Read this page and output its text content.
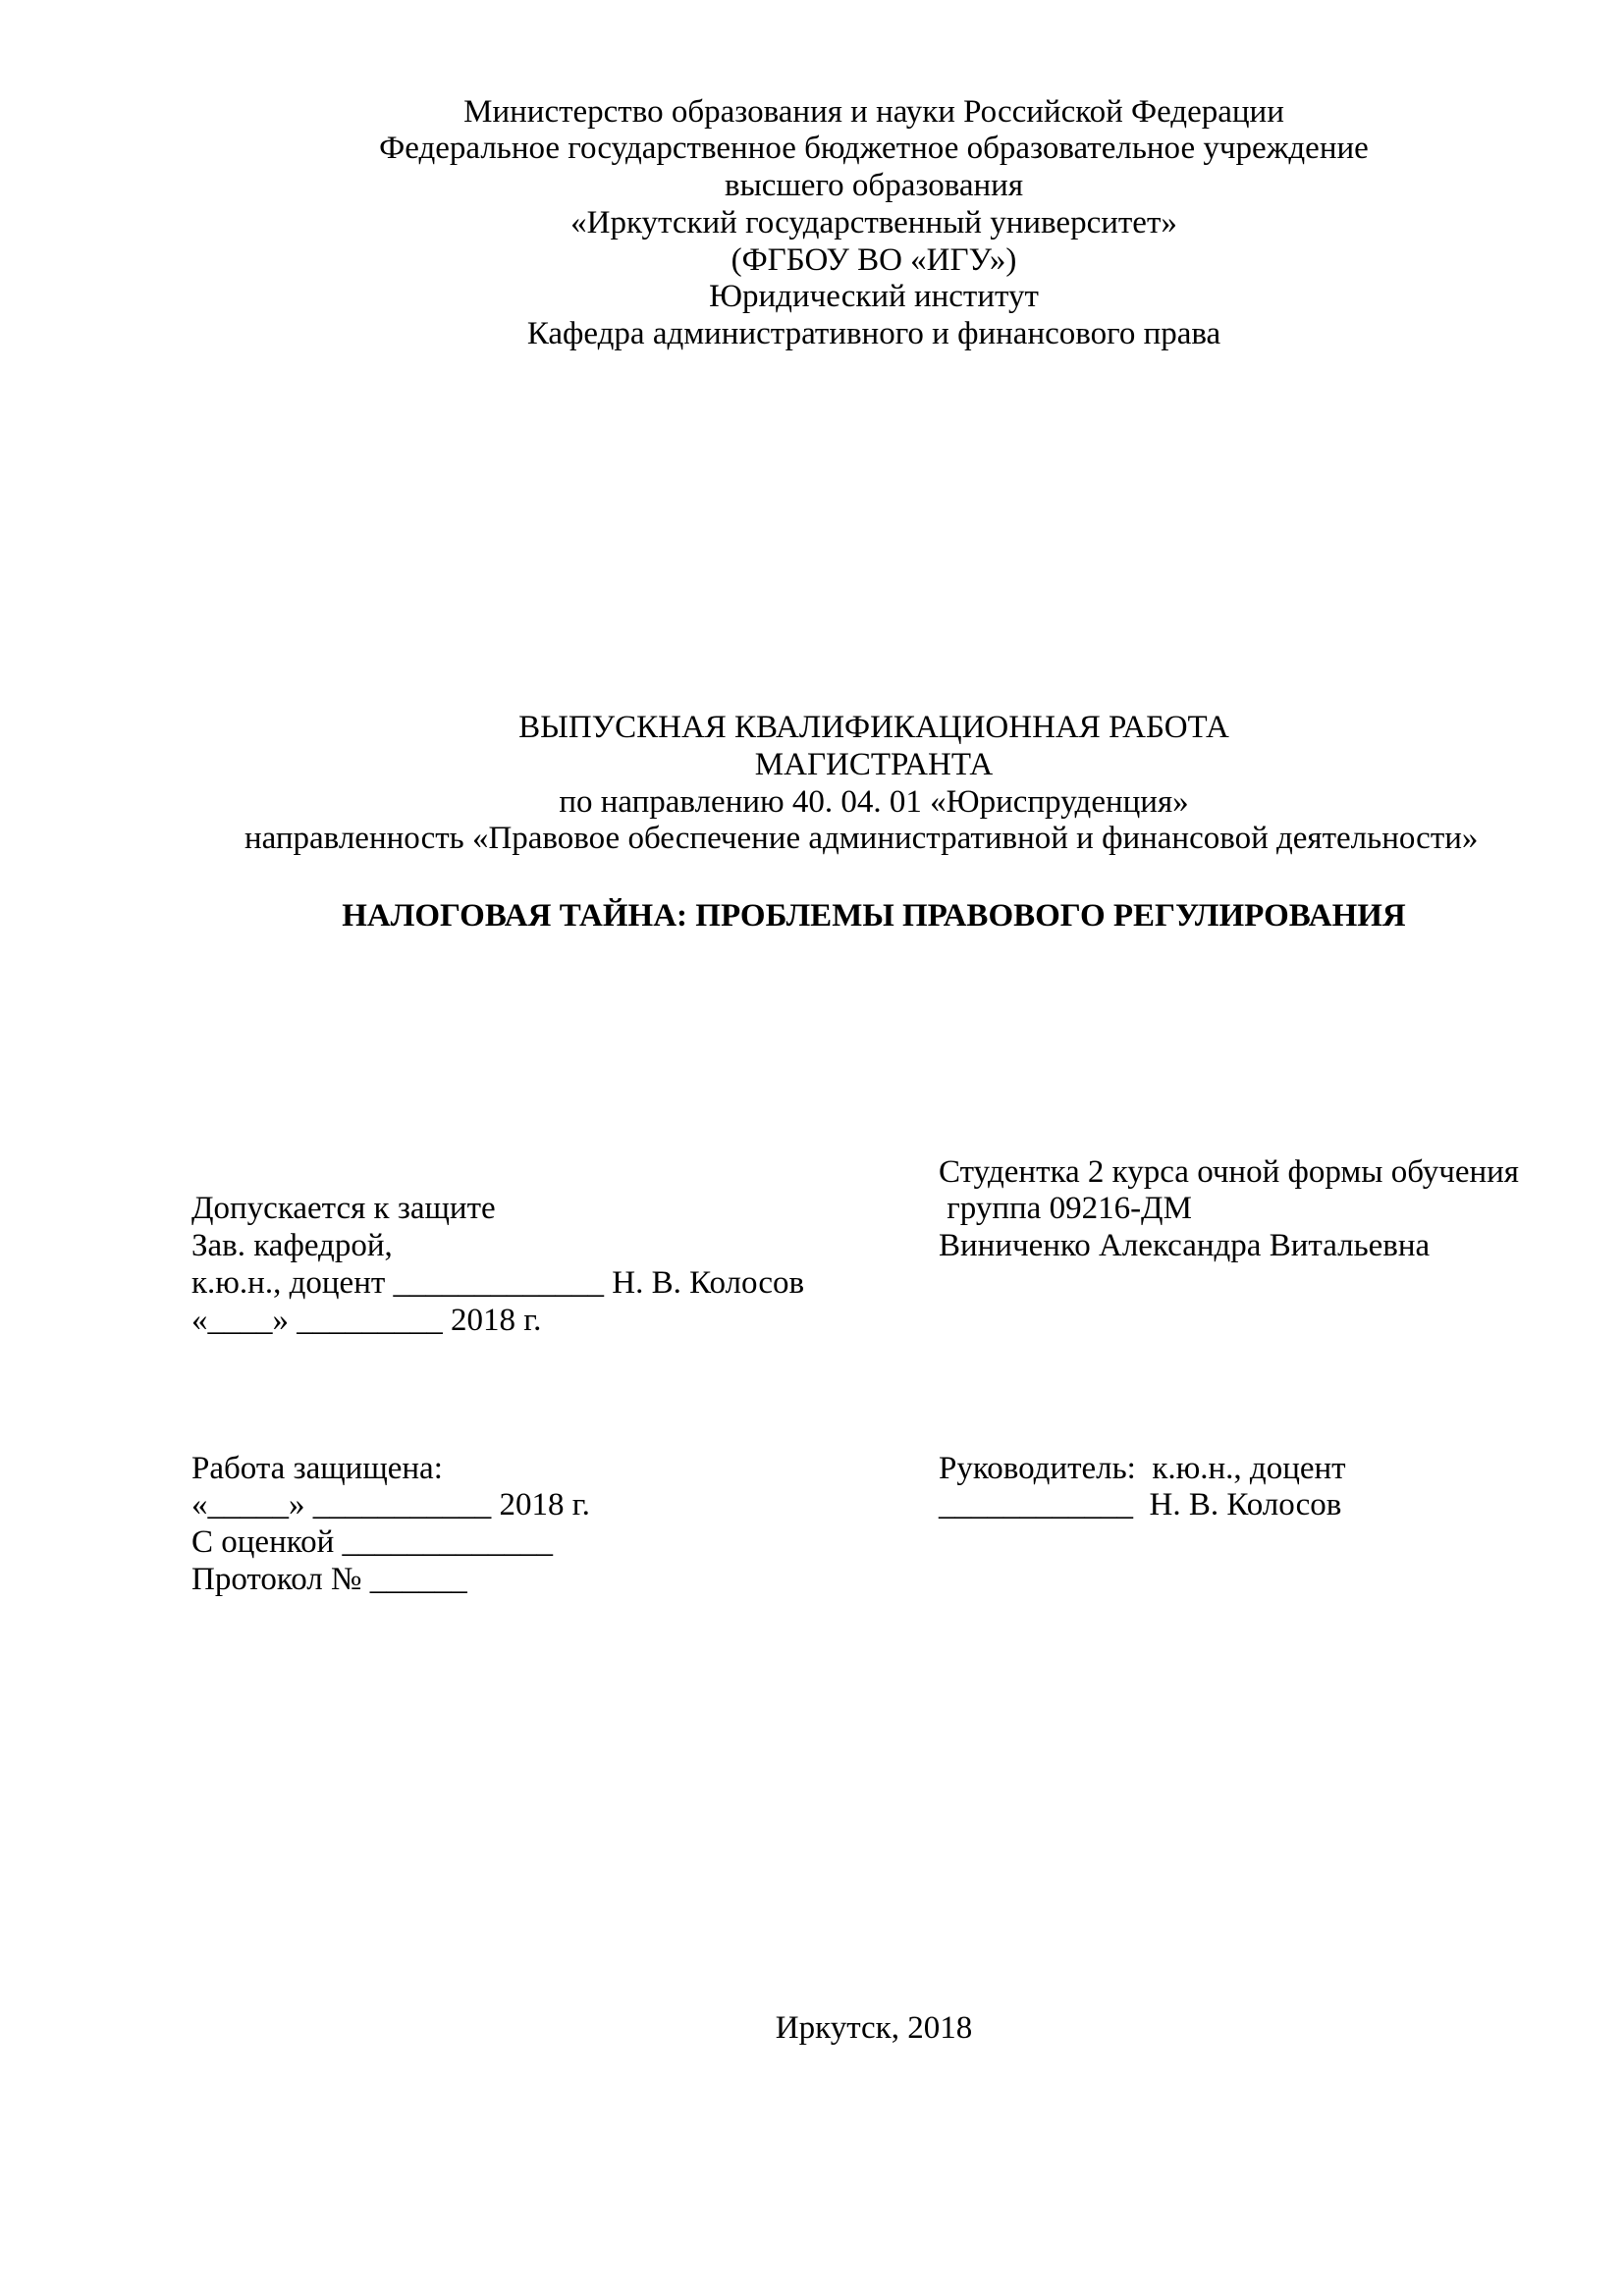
Министерство образования и науки Российской Федерации
Федеральное государственное бюджетное образовательное учреждение
высшего образования
«Иркутский государственный университет»
(ФГБОУ ВО «ИГУ»)
Юридический институт
Кафедра административного и финансового права
ВЫПУСКНАЯ КВАЛИФИКАЦИОННАЯ РАБОТА
МАГИСТРАНТА
по направлению 40. 04. 01 «Юриспруденция»
направленность «Правовое обеспечение административной и финансовой деятельности»
НАЛОГОВАЯ ТАЙНА: ПРОБЛЕМЫ ПРАВОВОГО РЕГУЛИРОВАНИЯ
Допускается к защите
Зав. кафедрой,
к.ю.н., доцент _____________ Н. В. Колосов
«____» _________ 2018 г.
Студентка 2 курса очной формы обучения
группа 09216-ДМ
Виниченко Александра Витальевна
Работа защищена:
«_____» ___________ 2018 г.
С оценкой _____________
Протокол № ______
Руководитель:  к.ю.н., доцент
____________  Н. В. Колосов
Иркутск, 2018
